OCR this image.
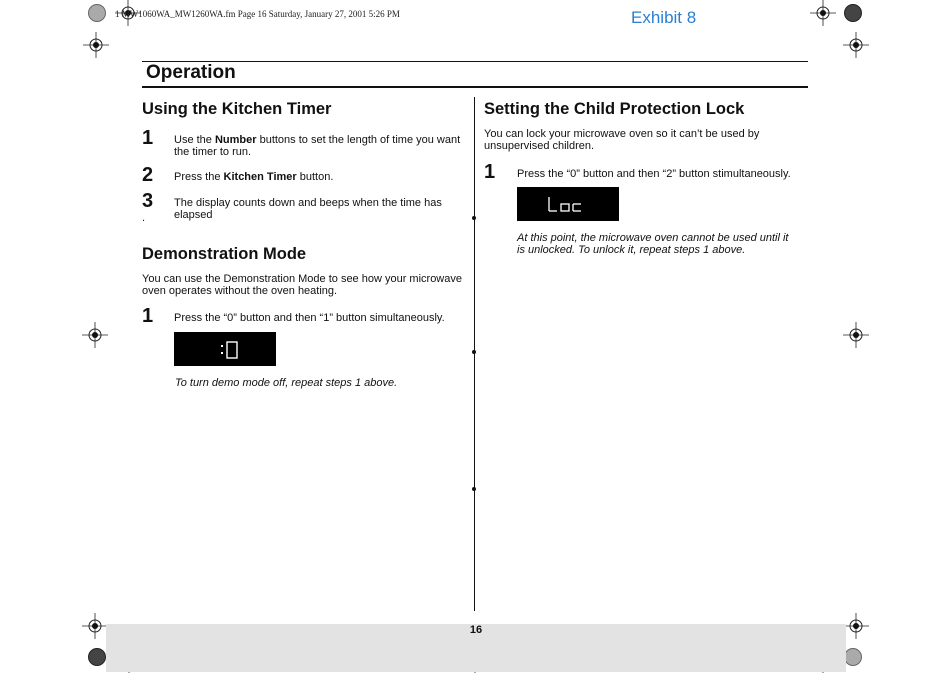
16
1 MW1060WA_MW1260WA.fm Page 16 Saturday, January 27, 2001 5:26 PM	Exhibit 8
Operation
Using the Kitchen Timer
1 Use the Number buttons to set the length of time you want the timer to run.
2 Press the Kitchen Timer button.
3 The display counts down and beeps when the time has elapsed
.
Demonstration Mode
You can use the Demonstration Mode to see how your microwave oven operates without the oven heating.
1 Press the “0” button and then “1” button simultaneously.
To turn demo mode off, repeat steps 1 above.
Setting the Child Protection Lock
You can lock your microwave oven so it can’t be used by unsupervised children.
1 Press the “0” button and then “2” button stimultaneously.
At this point, the microwave oven cannot be used until it is unlocked. To unlock it, repeat steps 1 above.
